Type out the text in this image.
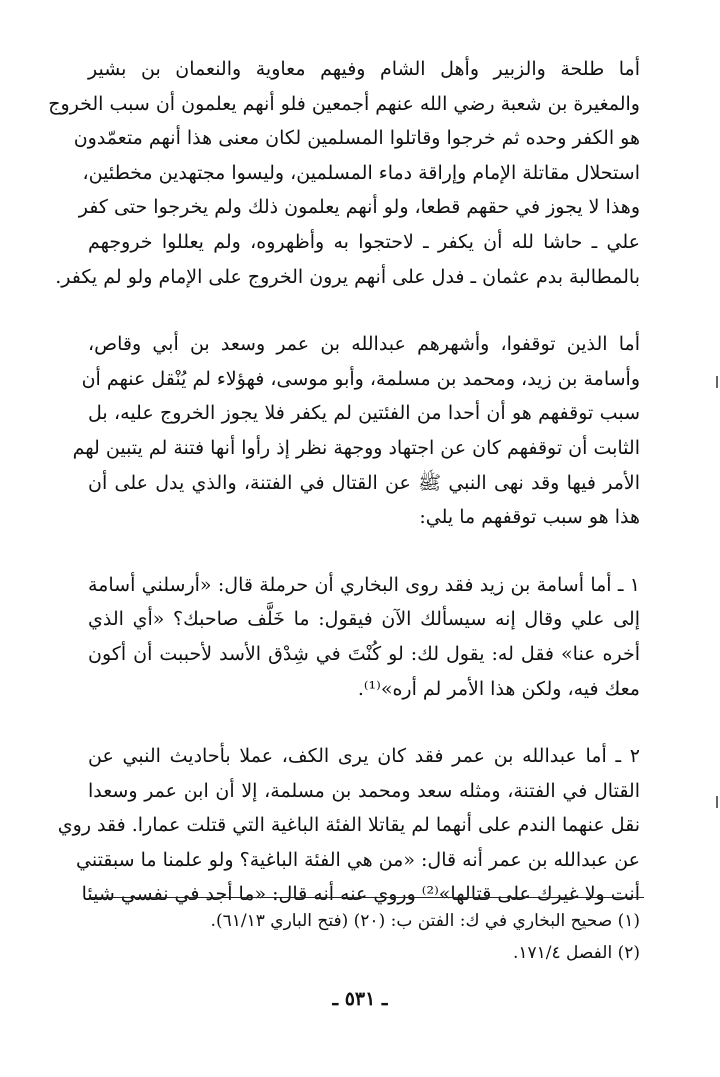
أما طلحة والزبير وأهل الشام وفيهم معاوية والنعمان بن بشير
والمغيرة بن شعبة رضي الله عنهم أجمعين فلو أنهم يعلمون أن سبب الخروج
هو الكفر وحده ثم خرجوا وقاتلوا المسلمين لكان معنى هذا أنهم متعمّدون
استحلال مقاتلة الإمام وإراقة دماء المسلمين، وليسوا مجتهدين مخطئين،
وهذا لا يجوز في حقهم قطعا، ولو أنهم يعلمون ذلك ولم يخرجوا حتى كفر
علي ـ حاشا لله أن يكفر ـ لاحتجوا به وأظهروه، ولم يعللوا خروجهم
بالمطالبة بدم عثمان ـ فدل على أنهم يرون الخروج على الإمام ولو لم يكفر.
أما الذين توقفوا، وأشهرهم عبدالله بن عمر وسعد بن أبي وقاص،
وأسامة بن زيد، ومحمد بن مسلمة، وأبو موسى، فهؤلاء لم يُنْقل عنهم أن
سبب توقفهم هو أن أحدا من الفئتين لم يكفر فلا يجوز الخروج عليه، بل
الثابت أن توقفهم كان عن اجتهاد ووجهة نظر إذ رأوا أنها فتنة لم يتبين لهم
الأمر فيها وقد نهى النبي ﷺ عن القتال في الفتنة، والذي يدل على أن
هذا هو سبب توقفهم ما يلي:
١ ـ أما أسامة بن زيد فقد روى البخاري أن حرملة قال: «أرسلني أسامة
إلى علي وقال إنه سيسألك الآن فيقول: ما خَلَّف صاحبك؟ «أي الذي
أخره عنا» فقل له: يقول لك: لو كُنْتَ في شِدْق الأسد لأحببت أن أكون
معك فيه، ولكن هذا الأمر لم أره»⁽¹⁾.
٢ ـ أما عبدالله بن عمر فقد كان يرى الكف، عملا بأحاديث النبي عن
القتال في الفتنة، ومثله سعد ومحمد بن مسلمة، إلا أن ابن عمر وسعدا
نقل عنهما الندم على أنهما لم يقاتلا الفئة الباغية التي قتلت عمارا. فقد روي
عن عبدالله بن عمر أنه قال: «من هي الفئة الباغية؟ ولو علمنا ما سبقتني
أنت ولا غيرك على قتالها»⁽²⁾ وروي عنه أنه قال: «ما أجد في نفسي شيئا
(١) صحيح البخاري في ك: الفتن ب: (٢٠) (فتح الباري ٦١/١٣).
(٢) الفصل ١٧١/٤.
ـ ٥٣١ ـ
